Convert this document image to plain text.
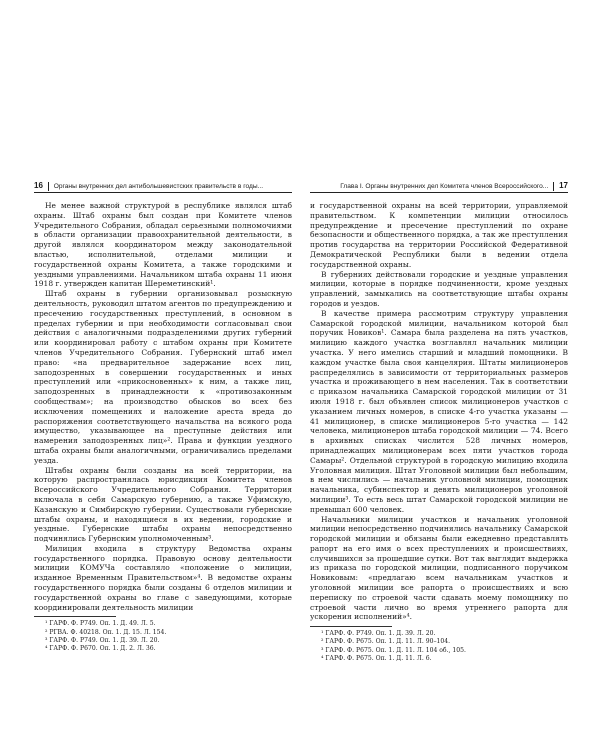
16 Органы внутренних дел антибольшевистских правительств в годы...

Не менее важной структурой в республике являлся штаб охраны. Штаб охраны был создан при Комитете членов Учредительного Собрания, обладал серьезными полномочиями в области организации правоохранительной деятельности, в другой являлся координатором между законодательной властью, исполнительной, отделами милиции и государственной охраны Комитета, а также городскими и уездными управлениями. Начальником штаба охраны 11 июня 1918 г. утвержден капитан Шереметинский¹.

Штаб охраны в губернии организовывал розыскную деятельность, руководил штатом агентов по предупреждению и пресечению государственных преступлений, в основном в пределах губернии и при необходимости согласовывал свои действия с аналогичными подразделениями других губерний или координировал работу с штабом охраны при Комитете членов Учредительного Собрания. Губернский штаб имел право: «на предварительное задержание всех лиц, заподозренных в совершении государственных и иных преступлений или «прикосновенных» к ним, а также лиц, заподозренных в принадлежности к «противозаконным сообществам»; на производство обысков во всех без исключения помещениях и наложение ареста вреда до распоряжения соответствующего начальства на всякого рода имущество, указывающее на преступные действия или намерения заподозренных лиц»². Права и функции уездного штаба охраны были аналогичными, ограничивались пределами уезда.

Штабы охраны были созданы на всей территории, на которую распространялась юрисдикция Комитета членов Всероссийского Учредительного Собрания. Территория включала в себя Самарскую губернию, а также Уфимскую, Казанскую и Симбирскую губернии. Существовали губернские штабы охраны, и находящиеся в их ведении, городские и уездные. Губернские штабы охраны непосредственно подчинялись Губернским уполномоченным³.

Милиция входила в структуру Ведомства охраны государственного порядка. Правовую основу деятельности милиции КОМУЧа составляло «положение о милиции, изданное Временным Правительством»⁴. В ведомстве охраны государственного порядка были созданы 6 отделов милиции и государственной охраны во главе с заведующими, которые координировали деятельность милиции

¹ ГАРФ. Ф. Р749. Оп. 1. Д. 49. Л. 5.
² РГВА. Ф. 40218. Оп. 1. Д. 15. Л. 154.
³ ГАРФ. Ф. Р749. Оп. 1. Д. 39. Л. 20.
⁴ ГАРФ. Ф. Р670. Оп. 1. Д. 2. Л. 36.
Глава I. Органы внутренних дел Комитета членов Всероссийского... 17

и государственной охраны на всей территории, управляемой правительством. К компетенции милиции относилось предупреждение и пресечение преступлений по охране безопасности и общественного порядка, а так же преступления против государства на территории Российской Федеративной Демократической Республики были в ведении отдела государственной охраны.

В губерниях действовали городские и уездные управления милиции, которые в порядке подчиненности, кроме уездных управлений, замыкались на соответствующие штабы охраны городов и уездов.

В качестве примера рассмотрим структуру управления Самарской городской милиции, начальником которой был поручик Новиков¹. Самара была разделена на пять участков, милицию каждого участка возглавлял начальник милиции участка. У него имелись старший и младший помощники. В каждом участке была своя канцелярия. Штаты милиционеров распределялись в зависимости от территориальных размеров участка и проживающего в нем населения. Так в соответствии с приказом начальника Самарской городской милиции от 31 июля 1918 г. был объявлен список милиционеров участков с указанием личных номеров, в списке 4-го участка указаны — 41 милиционер, в списке милиционеров 5-го участка — 142 человека, милиционеров штаба городской милиции — 74. Всего в архивных списках числится 528 личных номеров, принадлежащих милиционерам всех пяти участков города Самары². Отдельной структурой в городскую милицию входила Уголовная милиция. Штат Уголовной милиции был небольшим, в нем числились — начальник уголовной милиции, помощник начальника, субинспектор и девять милиционеров уголовной милиции³. То есть весь штат Самарской городской милиции не превышал 600 человек.

Начальники милиции участков и начальник уголовной милиции непосредственно подчинялись начальнику Самарской городской милиции и обязаны были ежедневно представлять рапорт на его имя о всех преступлениях и происшествиях, случившихся за прошедшие сутки. Вот так выглядит выдержка из приказа по городской милиции, подписанного поручиком Новиковым: «предлагаю всем начальникам участков и уголовной милиции все рапорта о происшествиях и всю переписку по строевой части сдавать моему помощнику по строевой части лично во время утреннего рапорта для ускорения исполнений»⁴.

¹ ГАРФ. Ф. Р749. Оп. 1. Д. 39. Л. 20.
² ГАРФ. Ф. Р675. Оп. 1. Д. 11. Л. 90–104.
³ ГАРФ. Ф. Р675. Оп. 1. Д. 11. Л. 104 об., 105.
⁴ ГАРФ. Ф. Р675. Оп. 1. Д. 11. Л. 6.
